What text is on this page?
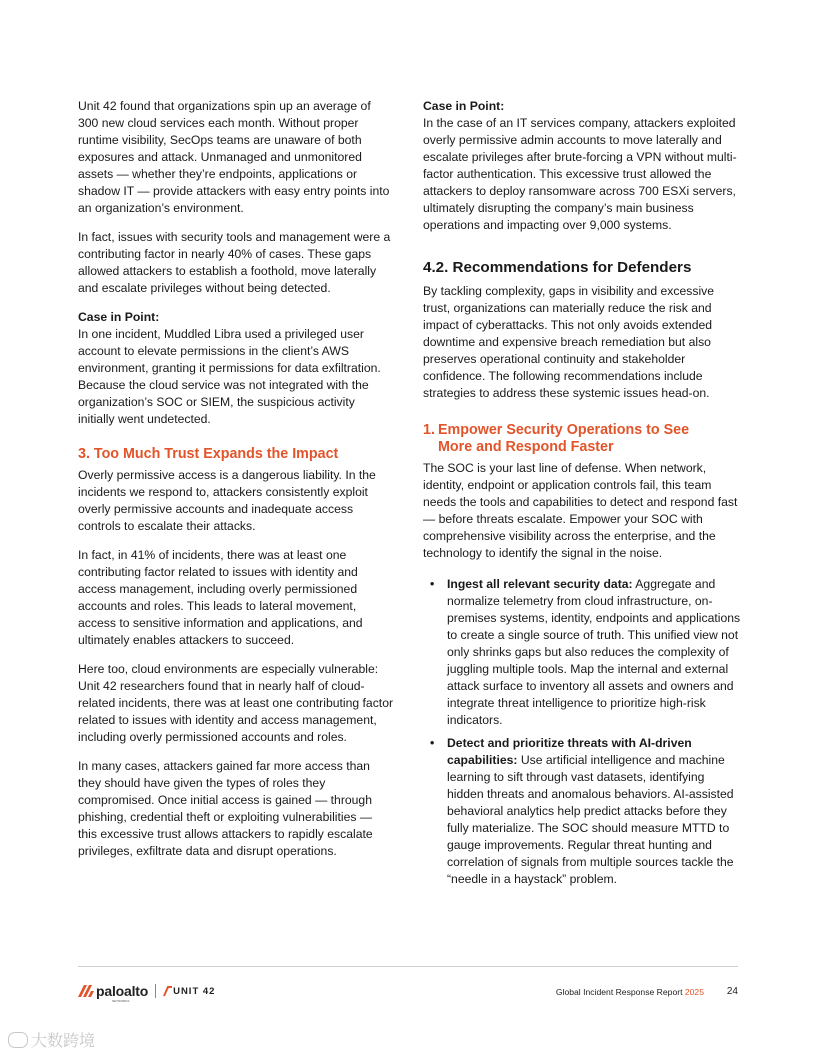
Unit 42 found that organizations spin up an average of 300 new cloud services each month. Without proper runtime visibility, SecOps teams are unaware of both exposures and attack. Unmanaged and unmonitored assets — whether they’re endpoints, applications or shadow IT — provide attackers with easy entry points into an organization’s environment.

In fact, issues with security tools and management were a contributing factor in nearly 40% of cases. These gaps allowed attackers to establish a foothold, move laterally and escalate privileges without being detected.

Case in Point:
In one incident, Muddled Libra used a privileged user account to elevate permissions in the client’s AWS environment, granting it permissions for data exfiltration. Because the cloud service was not integrated with the organization’s SOC or SIEM, the suspicious activity initially went undetected.

3. Too Much Trust Expands the Impact

Overly permissive access is a dangerous liability. In the incidents we respond to, attackers consistently exploit overly permissive accounts and inadequate access controls to escalate their attacks.

In fact, in 41% of incidents, there was at least one contributing factor related to issues with identity and access management, including overly permissioned accounts and roles. This leads to lateral movement, access to sensitive information and applications, and ultimately enables attackers to succeed.

Here too, cloud environments are especially vulnerable: Unit 42 researchers found that in nearly half of cloud-related incidents, there was at least one contributing factor related to issues with identity and access management, including overly permissioned accounts and roles.

In many cases, attackers gained far more access than they should have given the types of roles they compromised. Once initial access is gained — through phishing, credential theft or exploiting vulnerabilities — this excessive trust allows attackers to rapidly escalate privileges, exfiltrate data and disrupt operations.

Case in Point:
In the case of an IT services company, attackers exploited overly permissive admin accounts to move laterally and escalate privileges after brute-forcing a VPN without multi-factor authentication. This excessive trust allowed the attackers to deploy ransomware across 700 ESXi servers, ultimately disrupting the company’s main business operations and impacting over 9,000 systems.

4.2. Recommendations for Defenders

By tackling complexity, gaps in visibility and excessive trust, organizations can materially reduce the risk and impact of cyberattacks. This not only avoids extended downtime and expensive breach remediation but also preserves operational continuity and stakeholder confidence. The following recommendations include strategies to address these systemic issues head-on.

1. Empower Security Operations to See
More and Respond Faster

The SOC is your last line of defense. When network, identity, endpoint or application controls fail, this team needs the tools and capabilities to detect and respond fast — before threats escalate. Empower your SOC with comprehensive visibility across the enterprise, and the technology to identify the signal in the noise.

• Ingest all relevant security data: Aggregate and normalize telemetry from cloud infrastructure, on-premises systems, identity, endpoints and applications to create a single source of truth. This unified view not only shrinks gaps but also reduces the complexity of juggling multiple tools. Map the internal and external attack surface to inventory all assets and owners and integrate threat intelligence to prioritize high-risk indicators.
• Detect and prioritize threats with AI-driven capabilities: Use artificial intelligence and machine learning to sift through vast datasets, identifying hidden threats and anomalous behaviors. AI-assisted behavioral analytics help predict attacks before they fully materialize. The SOC should measure MTTD to gauge improvements. Regular threat hunting and correlation of signals from multiple sources tackle the “needle in a haystack” problem.
paloalto
NETWORKS
UNIT 42	Global Incident Response Report 2025 24
大数跨境
